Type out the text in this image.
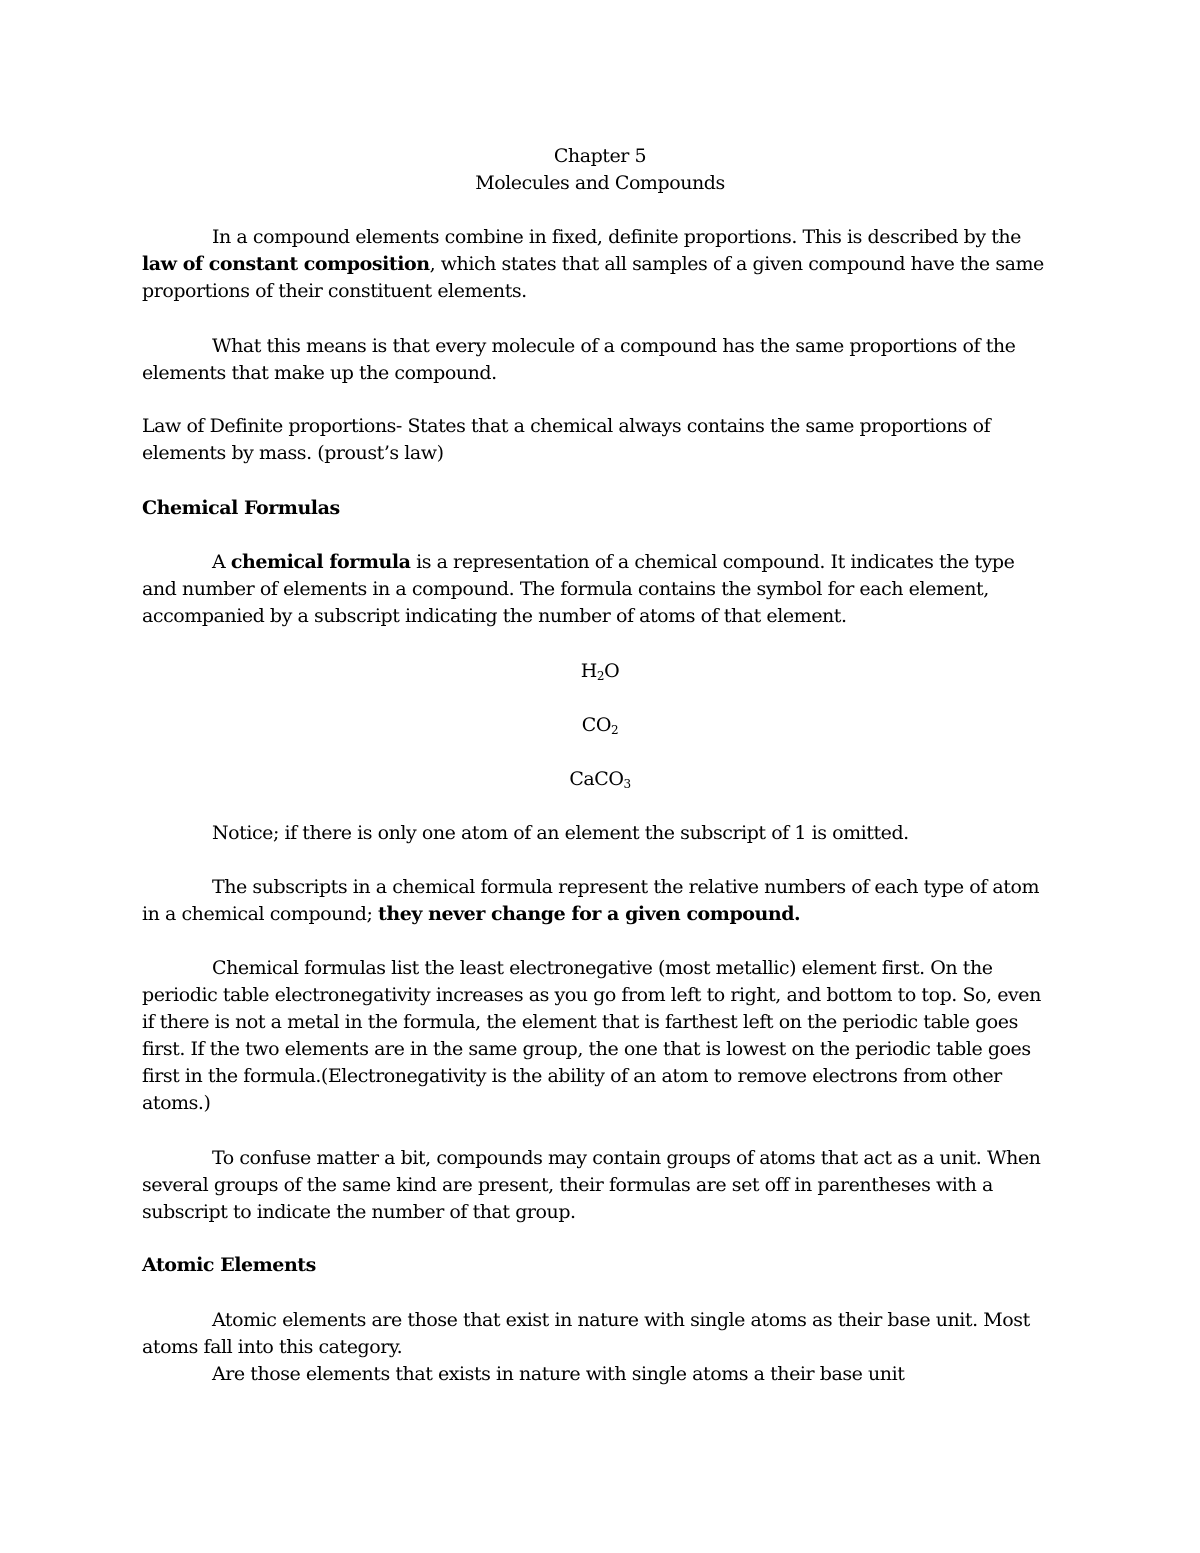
Chapter 5
Molecules and Compounds
In a compound elements combine in fixed, definite proportions. This is described by the
law of constant composition, which states that all samples of a given compound have the same
proportions of their constituent elements.
What this means is that every molecule of a compound has the same proportions of the
elements that make up the compound.
Law of Definite proportions- States that a chemical always contains the same proportions of
elements by mass. (proust’s law)
Chemical Formulas
A chemical formula is a representation of a chemical compound. It indicates the type
and number of elements in a compound. The formula contains the symbol for each element,
accompanied by a subscript indicating the number of atoms of that element.
$H_2O$
$CO_2$
CaCO$_3$
Notice; if there is only one atom of an element the subscript of 1 is omitted.
The subscripts in a chemical formula represent the relative numbers of each type of atom
in a chemical compound; they never change for a given compound.
Chemical formulas list the least electronegative (most metallic) element first. On the
periodic table electronegativity increases as you go from left to right, and bottom to top. So, even
if there is not a metal in the formula, the element that is farthest left on the periodic table goes
first. If the two elements are in the same group, the one that is lowest on the periodic table goes
first in the formula.(Electronegativity is the ability of an atom to remove electrons from other
atoms.)
To confuse matter a bit, compounds may contain groups of atoms that act as a unit. When
several groups of the same kind are present, their formulas are set off in parentheses with a
subscript to indicate the number of that group.
Atomic Elements
Atomic elements are those that exist in nature with single atoms as their base unit. Most
atoms fall into this category.
Are those elements that exists in nature with single atoms a their base unit
